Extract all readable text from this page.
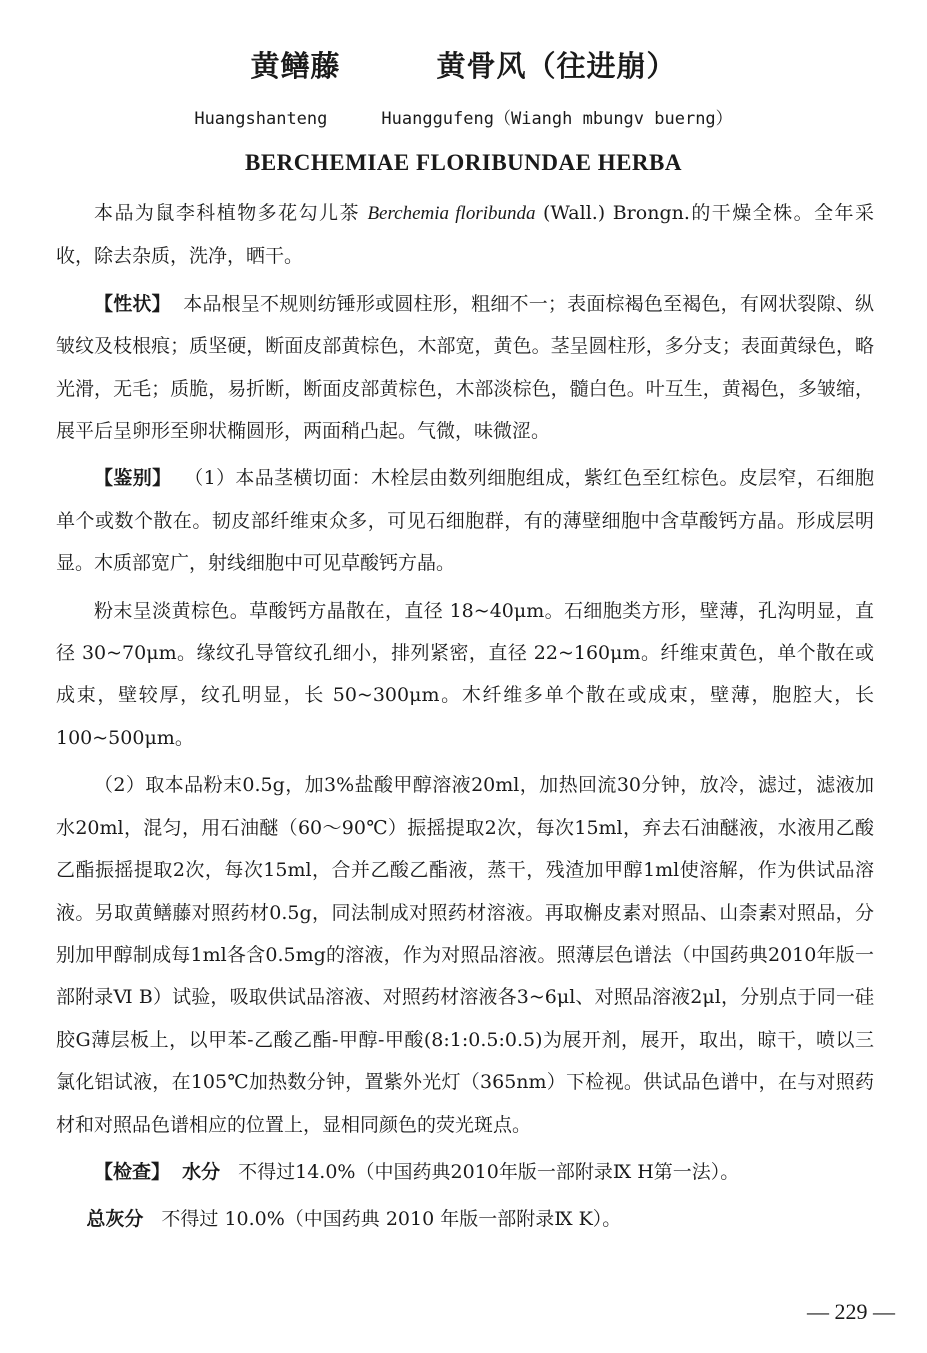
黄鳝藤	黄骨风（往进崩）
Huangshanteng	Huanggufeng（Wiangh mbungv buerng）
BERCHEMIAE FLORIBUNDAE HERBA

本品为鼠李科植物多花勾儿茶 Berchemia floribunda (Wall.) Brongn.的干燥全株。全年采收，除去杂质，洗净，晒干。

【性状】 本品根呈不规则纺锤形或圆柱形，粗细不一；表面棕褐色至褐色，有网状裂隙、纵皱纹及枝根痕；质坚硬，断面皮部黄棕色，木部宽，黄色。茎呈圆柱形，多分支；表面黄绿色，略光滑，无毛；质脆，易折断，断面皮部黄棕色，木部淡棕色，髓白色。叶互生，黄褐色，多皱缩，展平后呈卵形至卵状椭圆形，两面稍凸起。气微，味微涩。

【鉴别】 （1）本品茎横切面：木栓层由数列细胞组成，紫红色至红棕色。皮层窄，石细胞单个或数个散在。韧皮部纤维束众多，可见石细胞群，有的薄壁细胞中含草酸钙方晶。形成层明显。木质部宽广，射线细胞中可见草酸钙方晶。

粉末呈淡黄棕色。草酸钙方晶散在，直径 18~40μm。石细胞类方形，壁薄，孔沟明显，直径 30~70μm。缘纹孔导管纹孔细小，排列紧密，直径 22~160μm。纤维束黄色，单个散在或成束，壁较厚，纹孔明显，长 50~300μm。木纤维多单个散在或成束，壁薄，胞腔大，长 100~500μm。

（2）取本品粉末0.5g，加3%盐酸甲醇溶液20ml，加热回流30分钟，放冷，滤过，滤液加水20ml，混匀，用石油醚（60～90℃）振摇提取2次，每次15ml，弃去石油醚液，水液用乙酸乙酯振摇提取2次，每次15ml，合并乙酸乙酯液，蒸干，残渣加甲醇1ml使溶解，作为供试品溶液。另取黄鳝藤对照药材0.5g，同法制成对照药材溶液。再取槲皮素对照品、山柰素对照品，分别加甲醇制成每1ml各含0.5mg的溶液，作为对照品溶液。照薄层色谱法（中国药典2010年版一部附录Ⅵ B）试验，吸取供试品溶液、对照药材溶液各3~6μl、对照品溶液2μl，分别点于同一硅胶G薄层板上，以甲苯-乙酸乙酯-甲醇-甲酸(8:1:0.5:0.5)为展开剂，展开，取出，晾干，喷以三氯化铝试液，在105℃加热数分钟，置紫外光灯（365nm）下检视。供试品色谱中，在与对照药材和对照品色谱相应的位置上，显相同颜色的荧光斑点。

【检查】 水分 不得过14.0%（中国药典2010年版一部附录Ⅸ H第一法）。

总灰分 不得过 10.0%（中国药典 2010 年版一部附录Ⅸ K）。

— 229 —
